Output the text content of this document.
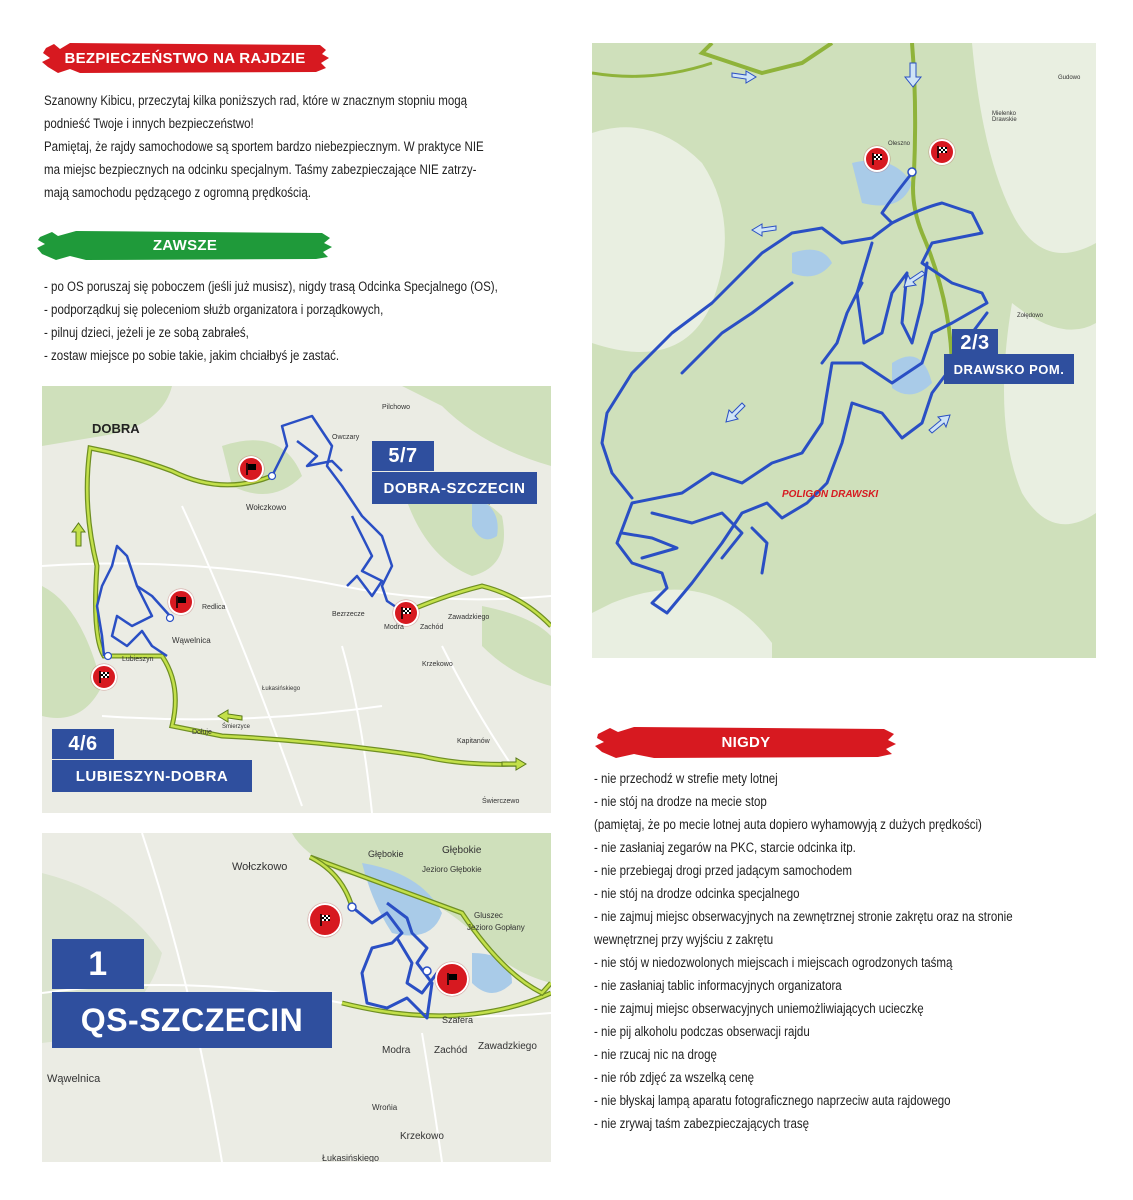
BEZPIECZEŃSTWO NA RAJDZIE

Szanowny Kibicu, przeczytaj kilka poniższych rad, które w znacznym stopniu mogą

podnieść Twoje i innych bezpieczeństwo!

Pamiętaj, że rajdy samochodowe są sportem bardzo niebezpiecznym. W praktyce NIE

ma miejsc bezpiecznych na odcinku specjalnym. Taśmy zabezpieczające NIE zatrzy-

mają samochodu pędzącego z ogromną prędkością.

ZAWSZE
- po OS poruszaj się poboczem (jeśli już musisz), nigdy trasą Odcinka Specjalnego (OS),
- podporządkuj się poleceniom służb organizatora i porządkowych,
- pilnuj dzieci, jeżeli je ze sobą zabrałeś,
- zostaw miejsce po sobie takie, jakim chciałbyś je zastać.
Oleszno
Zołędowo
Gudowo
Mielenko Drawskie
POLIGON DRAWSKI
2/3
DRAWSKO POM.
DOBRA
Wołczkowo
Redlica
Wąwelnica
Lubieszyn
Bezrzecze
Modra Zachód
Zawadzkiego
Krzekowo
Pilchowo
Owczary
Dołuje
Kapitanów
Śmierzyce
Łukasińskiego
Świerczewo
5/7
DOBRA-SZCZECIN
4/6
LUBIESZYN-DOBRA
Wołczkowo
Głębokie	Głębokie
Jezioro Głębokie
Jezioro Gopłany
Gluszec
Szafera
Modra Zachód Zawadzkiego
Wąwelnica
Krzekowo
Łukasińskiego
Wrońia
1
QS-SZCZECIN
NIGDY
- nie przechodź w strefie mety lotnej
- nie stój na drodze na mecie stop
(pamiętaj, że po mecie lotnej auta dopiero wyhamowyją z dużych prędkości)
- nie zasłaniaj zegarów na PKC, starcie odcinka itp.
- nie przebiegaj drogi przed jadącym samochodem
- nie stój na drodze odcinka specjalnego
- nie zajmuj miejsc obserwacyjnych na zewnętrznej stronie zakrętu oraz na stronie
wewnętrznej przy wyjściu z zakrętu
- nie stój w niedozwolonych miejscach i miejscach ogrodzonych taśmą
- nie zasłaniaj tablic informacyjnych organizatora
- nie zajmuj miejsc obserwacyjnych uniemożliwiających ucieczkę
- nie pij alkoholu podczas obserwacji rajdu
- nie rzucaj nic na drogę
- nie rób zdjęć za wszelką cenę
- nie błyskaj lampą aparatu fotograficznego naprzeciw auta rajdowego
- nie zrywaj taśm zabezpieczających trasę
